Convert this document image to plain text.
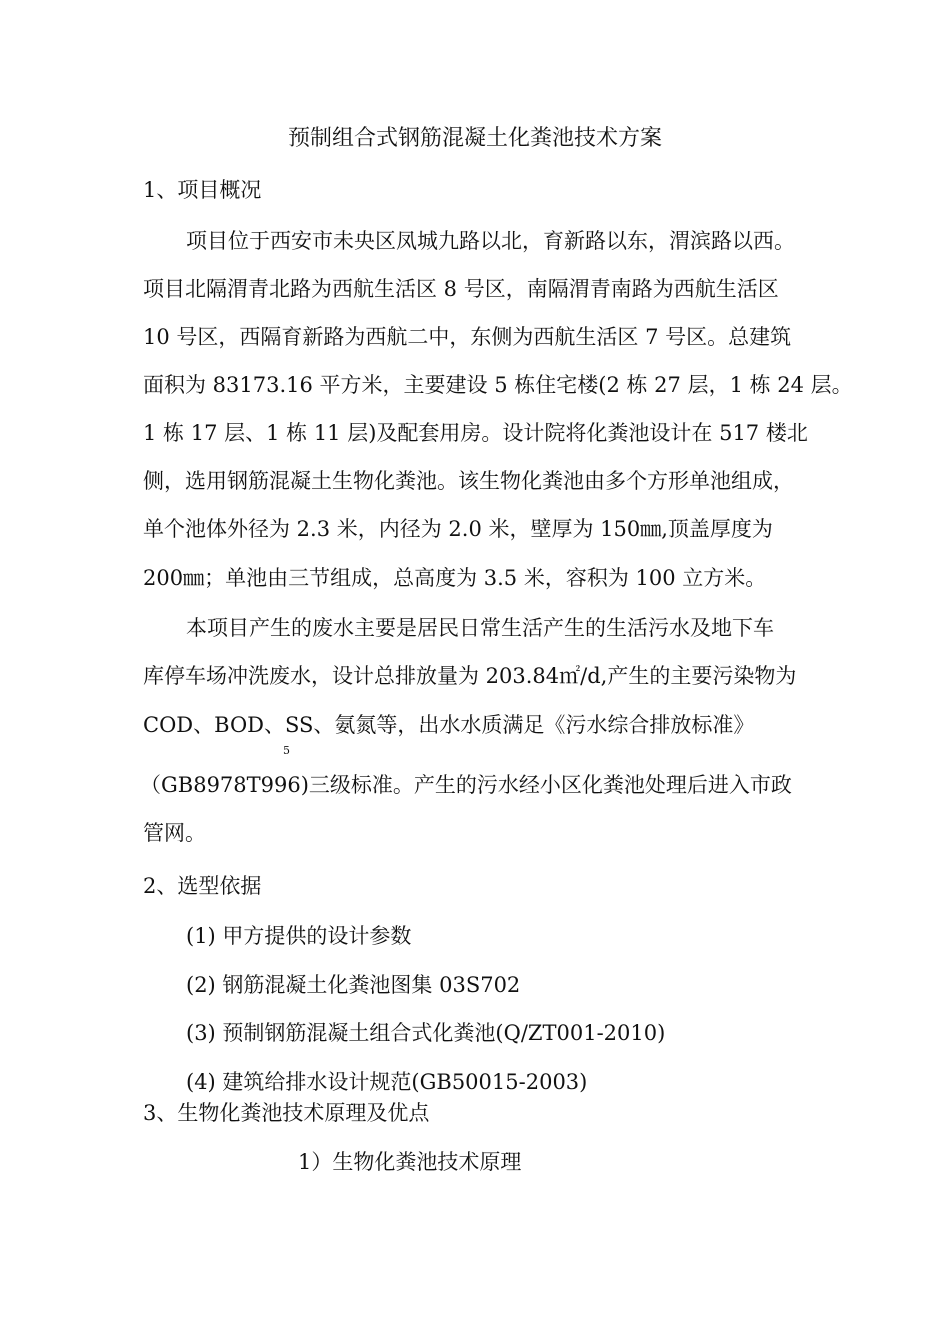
预制组合式钢筋混凝土化粪池技术方案
1、项目概况
项目位于西安市未央区凤城九路以北，育新路以东，渭滨路以西。
项目北隔渭青北路为西航生活区 8 号区，南隔渭青南路为西航生活区
10 号区，西隔育新路为西航二中，东侧为西航生活区 7 号区。总建筑
面积为 83173.16 平方米，主要建设 5 栋住宅楼(2 栋 27 层，1 栋 24 层。
1 栋 17 层、1 栋 11 层)及配套用房。设计院将化粪池设计在 517 楼北
侧，选用钢筋混凝土生物化粪池。该生物化粪池由多个方形单池组成，
单个池体外径为 2.3 米，内径为 2.0 米，壁厚为 150㎜,顶盖厚度为
200㎜；单池由三节组成，总高度为 3.5 米，容积为 100 立方米。
本项目产生的废水主要是居民日常生活产生的生活污水及地下车
库停车场冲洗废水，设计总排放量为 203.84㎡/d,产生的主要污染物为
COD、BOD、SS、氨氮等，出水水质满足《污水综合排放标准》
5
（GB8978T996)三级标准。产生的污水经小区化粪池处理后进入市政
管网。
2、选型依据
(1) 甲方提供的设计参数
(2) 钢筋混凝土化粪池图集 03S702
(3) 预制钢筋混凝土组合式化粪池(Q/ZT001-2010)
(4) 建筑给排水设计规范(GB50015-2003)
3、生物化粪池技术原理及优点
1）生物化粪池技术原理
